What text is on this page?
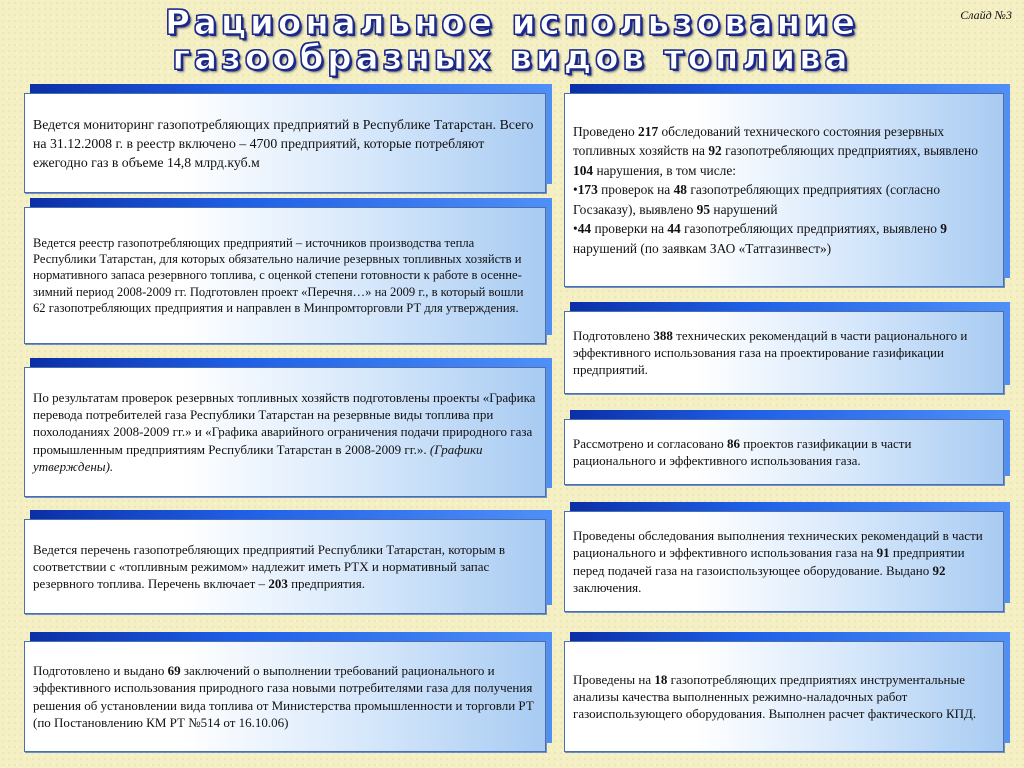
Слайд №3
Рациональное использование
газообразных видов топлива

Ведется мониторинг газопотребляющих предприятий в Республике Татарстан. Всего на 31.12.2008 г. в реестр включено – 4700 предприятий, которые потребляют ежегодно газ в объеме 14,8 млрд.куб.м

Ведется реестр газопотребляющих предприятий – источников производства тепла Республики Татарстан, для которых обязательно наличие резервных топливных хозяйств и нормативного запаса резервного топлива, с оценкой степени готовности к работе в осенне-зимний период 2008-2009 гг. Подготовлен проект «Перечня…» на 2009 г., в который вошли 62 газопотребляющих предприятия и направлен в Минпромторговли РТ для утверждения.

По результатам проверок резервных топливных хозяйств подготовлены проекты «Графика перевода потребителей газа Республики Татарстан на резервные виды топлива при похолоданиях 2008-2009 гг.» и «Графика аварийного ограничения подачи природного газа промышленным предприятиям Республики Татарстан в 2008-2009 гг.». (Графики утверждены).

Ведется перечень газопотребляющих предприятий Республики Татарстан, которым в соответствии с «топливным режимом» надлежит иметь РТХ и нормативный запас резервного топлива. Перечень включает – 203 предприятия.

Подготовлено и выдано 69 заключений о выполнении требований рационального и эффективного использования природного газа новыми потребителями газа для получения решения об установлении вида топлива от Министерства промышленности и торговли РТ (по Постановлению КМ РТ №514 от 16.10.06)

Проведено 217 обследований технического состояния резервных топливных хозяйств на 92 газопотребляющих предприятиях, выявлено 104 нарушения, в том числе:

•173 проверок на 48 газопотребляющих предприятиях (согласно Госзаказу), выявлено 95 нарушений

•44 проверки на 44 газопотребляющих предприятиях, выявлено 9 нарушений (по заявкам ЗАО «Татгазинвест»)

Подготовлено 388 технических рекомендаций в части рационального и эффективного использования газа на проектирование газификации предприятий.

Рассмотрено и согласовано 86 проектов газификации в части рационального и эффективного использования газа.

Проведены обследования выполнения технических рекомендаций в части рационального и эффективного использования газа на 91 предприятии перед подачей газа на газоиспользующее оборудование. Выдано 92 заключения.

Проведены на 18 газопотребляющих предприятиях инструментальные анализы качества выполненных режимно-наладочных работ газоиспользующего оборудования. Выполнен расчет фактического КПД.
